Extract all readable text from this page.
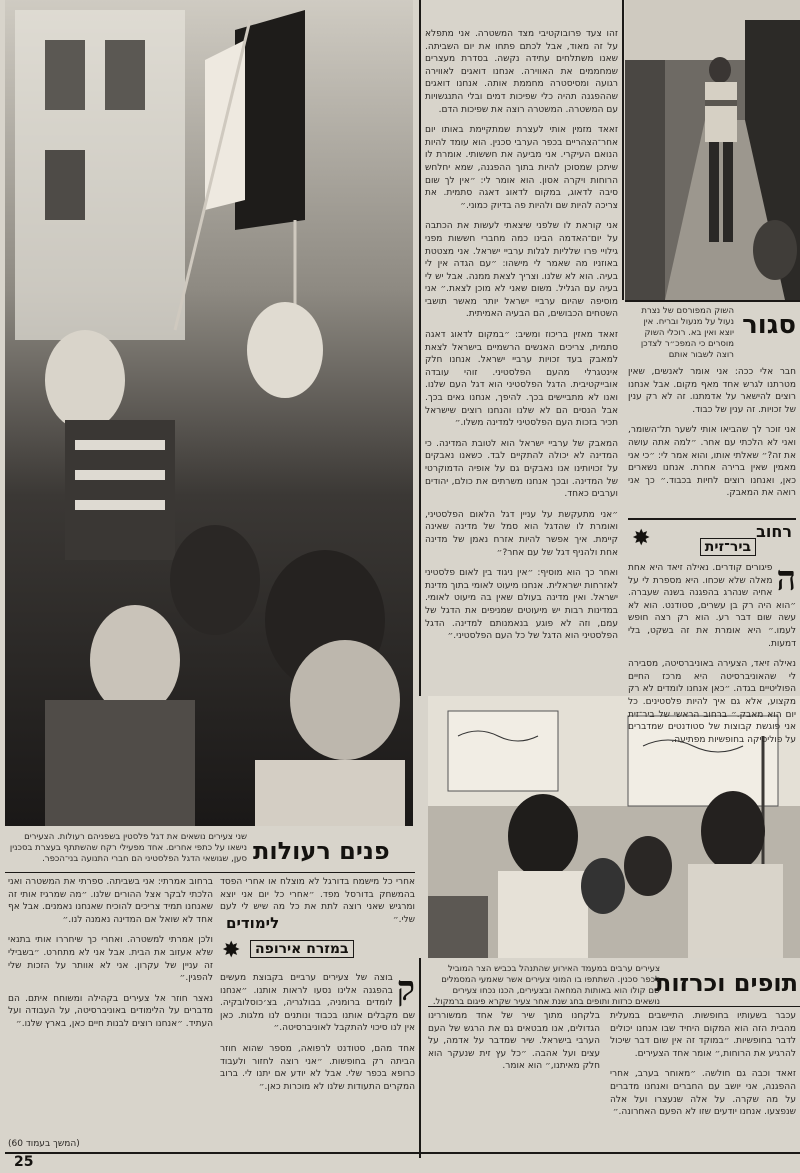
סגור
השוק המפורסם של נצרת נעול על מנעול ובריח. אין יוצא ואין בא. רוכלי השוק מוסרים כי המפכ״ר לצדכן רוצה לשבור אותם

זהו צעד פרובוקטיבי מצד המשטרה. אני מתפלא על זה מאוד, אבל לכתם פתחו את יום השביתה. שאנו משתלחים עתידה נקשה. בסדרת מעצרים שמחממים את האווירה. אנחנו דואגים לאווירה רגועה ומסיסטרה מחממת אותה. אנחנו דואגים שההפגנה תהיה כלי שפיכות דמים ובלי התנגשויות עם המשטרה. המשטרה רוצה את שפיכות הדם.

זאאד מזמין אותי לעצרת שמתקיימת באותו יום אחר־הצהריים בכפר הערבי סכנין. הוא עומד להיות הנואם העיקרי. אני מביעה את חששותי. אומרת לו שיתכן שמסוכן להיות בתוך ההפגנה, שמא יחלחש הרוחות ויקרה אסון. הוא אומר לי: ״אין לך שום סיבה לדאוג, במקום לדאוג דאגה סתמית. את צריכה להיות שם ולהיות פה בדיוק כמוני.״

אני קוראת לו שלפני שיצאתי לעשות את הכתבה על יום־האדמה הבינו כמה מחברי חששות מפני גילויי פרו שלליות לגלות ערביי ישראל. אני מצטטת באוזניו מה שאמר לי מישהו: ״עם הגדה אין לי בעיה. הוא לא שלנו. וצריך לצאת ממנה. אבל יש לי בעיה עם הגליל. משום שאני לא מוכן לצאת.״ אני מוסיפה שהיום ערביי ישראל יותר מאשר תושבי השטחים הכבושים, הם הבעיה האמיתית.

זאאד מאזין בריכוז ומשיב: ״במקום לדאוג דאגה סתמית, צריכים האנשים הרשמיים בישראל לצאת למאבק בעד זכויות ערביי ישראל. אנחנו חלק אינטגרלי מהעם הפלסטיני. זוהי עובדה אובייקטיבית. הדגל הפלסטיני הוא דגל העם שלנו. ואנו לא מתביישים בכך. להיפך, אנחנו גאים בכך. אבל הנסים הם לא שלנו והנחנו רוצים שישראל תכיר בזכות העם הפלסטיני למדינה משלו.״

המאבק של ערביי ישראל הוא לטובת המדינה. כי המדינה לא יכולה להתקיים לבד. כשאנו נאבקים על זכויותינו אנו נאבקים גם על אופיה הדמוקרטי של המדינה. ובכך אנחנו משרתים את כולם, יהודים וערבים כאחד.

״אני מתעקשת על עניין דגל הלאום הפלסטיני, ואומרת לו שהדגל הוא סמל של מדינה שאינה קיימת. איך אפשר להיות אזרח נאמן של מדינה אחת ולהניף דגל של עם אחר?״

ואחר כך הוא מוסיף: ״אין ניגוד בין לאום פלסטיני לאזרחות ישראלית. אנחנו מיעוט לאומי בתוך מדינת ישראל. ואין מדינה בעולם שאין בה מיעוט לאומי. במדינות רבות יש מיעוטים שמניפים את הדגל של עמם, וזה לא פוגע בנאמנותם למדינה. הדגל הפלסטיני הוא הדגל של כל העם הפלסטיני.״

חבר אלי ככה: אני אומר לאנשים, שאין מטרתנו לגרש אחד מאף מקום. אבל אנחנו רוצים להישאר על אדמתנו. זה לא רק ענין של זכויות. זה ענין של כבוד.

אני זוכר לך שהביאו אותי לשער תל־השומר, ואני לא הלכתי עם אחר. ״למה אתה עושה את זה?״ שאלתי אותו, והוא אמר לי: ״כי אני מאמין שאין ברירה אחרת. אנחנו נשארים כאן, ואנחנו רוצים לחיות בכבוד.״ כך אני רואה את המאבק.

✸	רחוב
ביר־זית
ה

פיגורים קודרים. נאילה זיאד היא אחת מאלה שלא שכחו. היא מספרת לי על אחיה שנהרג בהפגנה בשנה שעברה. ״הוא היה רק בן עשרים, סטודנט. הוא לא עשה שום דבר רע. הוא רק רצה חופש לעמו.״ היא אומרת את זה בשקט, בלי דמעות.

נאילה זיאד, הצעירה באוניברסיטה, מסבירה לי שהאוניברסיטה היא מרכז החיים הפוליטיים בגדה. ״כאן אנחנו לומדים לא רק מקצוע, אלא גם איך להיות פלסטינים. כל יום הוא מאבק.״ ברחוב הראשי של ביר־זית אני פוגשת קבוצות של סטודנטים שמדברים על פוליטיקה בחופשיות מפתיעה.

פנים רעולות
שני צעירים נושאים את דגל פלסטין בשפניהם רעולות. הצעירים נישאו על כתפי אחרים. אחד מפעילי רקח שהשתתף בעצרת בסכנין סען, שגושאי הדגל הפלסטיני הם חברי התנועה בני־הכפר.
✸
לימודים
במזרח אירופה
ק

בוצה של צעירים ערביים בקבוצת מעשים בהפגנה אלינו נסעו לראות אותנו. ״אנחנו לומדים ברומניה, בבולגריה, בצ׳כוסלובקיה. שם מקבלים אותנו בכבוד ונותנים לנו מלגות. כאן אין לנו סיכוי להתקבל לאוניברסיטה.״

אחד מהם, סטודנט לרפואה, מספר שהוא חוזר הביתה רק בחופשות. ״אני רוצה לחזור ולעבוד כרופא בכפר שלי. אבל לא יודע אם יתנו לי. ברוב המקרים התעודות שלנו לא מוכרות כאן.״

אחרי כל מישמח בדורגל לא מוצלח או אחרי הפסד בהמשחק בדורסל מפד. ״אחרי כל יום אני יוצא ומרגיש שאני רוצה לתת את כל מה שיש לי לעם שלי.״

ברחוב אמרתי: אני בשביתה. ספרתי את המשטרה ואני הלכתי לבקר אצל ההורים שלנו. ״מה שמרגיז אותי זה שאנחנו תמיד צריכים להוכיח שאנחנו נאמנים. אבל אף אחד לא שואל אם המדינה נאמנה לנו.״

ולכן אמרתי למשטרה. ואחרי כך שיחררו אותי בתנאי שלא אעזוב את הבית. אבל אני לא מתחרט. ״בשבילי זה עניין של עקרון. אני לא אוותר על הזכות שלי להפגין.״

נאצר חוזר אל צעירים בקהילה ומשוחח איתם. הם מדברים על הלימודים באוניברסיטה, על העבודה ועל העתיד. ״אנחנו רוצים לבנות חיים כאן, בארץ שלנו.״

(המשך בעמוד 60)
תופים וכרזות
צעירים ערבים במעמד האירוע שהתנהל בכביש הצר המוביל לכפר סכנין. השתתפו בו המוני צעירים אשר שאמעי המסמלים שם קולו הוא באותות המחאה ובצעירים, הכנו נכחו צעירים נושאים כרזות ותופים בחג שנת אחר צעיר שקרא פיגום ברמקול.

בלקחנו מתוך שיר של אחד ממשוררינו הגדולים, אנו מבטאים גם את הרגש של העם הערבי בישראל. שיר שמדבר על אדמה, על עצים ועל אהבה. ״כל עץ זית שנעקר הוא חלק מאיתנו,״ הוא אומר.

עכבר בשעותיו בחופשות. התיישבים במעלית מהבית הזה הוא המקום היחיד שבו אנחנו יכולים לדבר בחופשיות. ״במוקד זה אין שום דבר שיכול להרגיע את הרוחות,״ אומר אחד הצעירים.

זאאד וכבה גם חולשה. ״מאוחר בערב, אחרי ההפגנה, אני יושב עם החברים ואנחנו מדברים על מה שקרה. על אלה שנעצרו ועל אלה שנפצעו. אנחנו יודעים שזו לא הפעם האחרונה.״

25
